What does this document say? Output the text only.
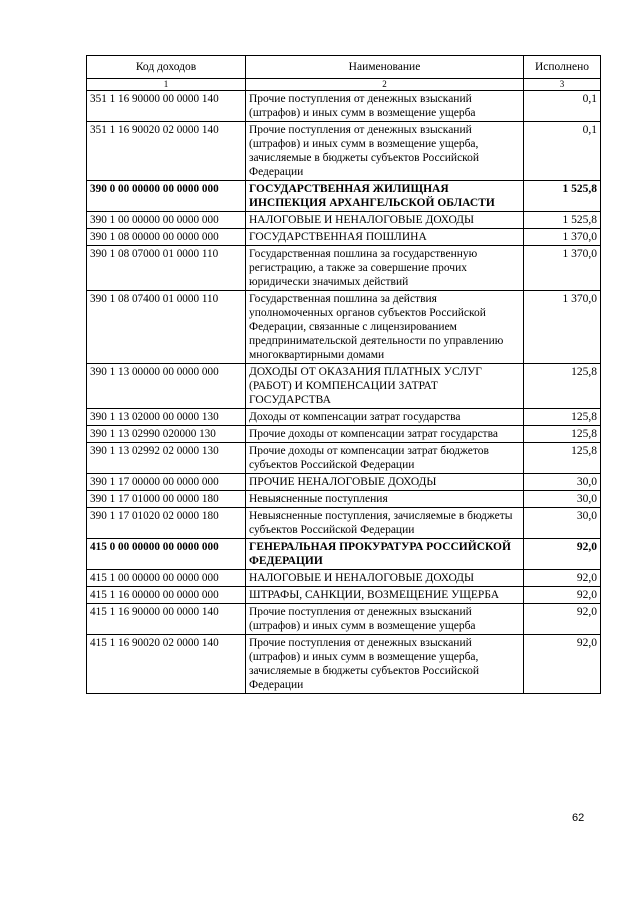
Код доходов	Наименование	Исполнено
1	2	3
351 1 16 90000 00 0000 140	Прочие поступления от денежных взысканий (штрафов) и иных сумм в возмещение ущерба	0,1
351 1 16 90020 02 0000 140	Прочие поступления от денежных взысканий (штрафов) и иных сумм в возмещение ущерба, зачисляемые в бюджеты субъектов Российской Федерации	0,1
390 0 00 00000 00 0000 000	ГОСУДАРСТВЕННАЯ ЖИЛИЩНАЯ ИНСПЕКЦИЯ АРХАНГЕЛЬСКОЙ ОБЛАСТИ	1 525,8
390 1 00 00000 00 0000 000	НАЛОГОВЫЕ И НЕНАЛОГОВЫЕ ДОХОДЫ	1 525,8
390 1 08 00000 00 0000 000	ГОСУДАРСТВЕННАЯ ПОШЛИНА	1 370,0
390 1 08 07000 01 0000 110	Государственная пошлина за государственную регистрацию, а также за совершение прочих юридически значимых действий	1 370,0
390 1 08 07400 01 0000 110	Государственная пошлина за действия уполномоченных органов субъектов Российской Федерации, связанные с лицензированием предпринимательской деятельности по управлению многоквартирными домами	1 370,0
390 1 13 00000 00 0000 000	ДОХОДЫ ОТ ОКАЗАНИЯ ПЛАТНЫХ УСЛУГ (РАБОТ) И КОМПЕНСАЦИИ ЗАТРАТ ГОСУДАРСТВА	125,8
390 1 13 02000 00 0000 130	Доходы от компенсации затрат государства	125,8
390 1 13 02990 020000 130	Прочие доходы от компенсации затрат государства	125,8
390 1 13 02992 02 0000 130	Прочие доходы от компенсации затрат бюджетов субъектов Российской Федерации	125,8
390 1 17 00000 00 0000 000	ПРОЧИЕ НЕНАЛОГОВЫЕ ДОХОДЫ	30,0
390 1 17 01000 00 0000 180	Невыясненные поступления	30,0
390 1 17 01020 02 0000 180	Невыясненные поступления, зачисляемые в бюджеты субъектов Российской Федерации	30,0
415 0 00 00000 00 0000 000	ГЕНЕРАЛЬНАЯ ПРОКУРАТУРА РОССИЙСКОЙ ФЕДЕРАЦИИ	92,0
415 1 00 00000 00 0000 000	НАЛОГОВЫЕ И НЕНАЛОГОВЫЕ ДОХОДЫ	92,0
415 1 16 00000 00 0000 000	ШТРАФЫ, САНКЦИИ, ВОЗМЕЩЕНИЕ УЩЕРБА	92,0
415 1 16 90000 00 0000 140	Прочие поступления от денежных взысканий (штрафов) и иных сумм в возмещение ущерба	92,0
415 1 16 90020 02 0000 140	Прочие поступления от денежных взысканий (штрафов) и иных сумм в возмещение ущерба, зачисляемые в бюджеты субъектов Российской Федерации	92,0
62
